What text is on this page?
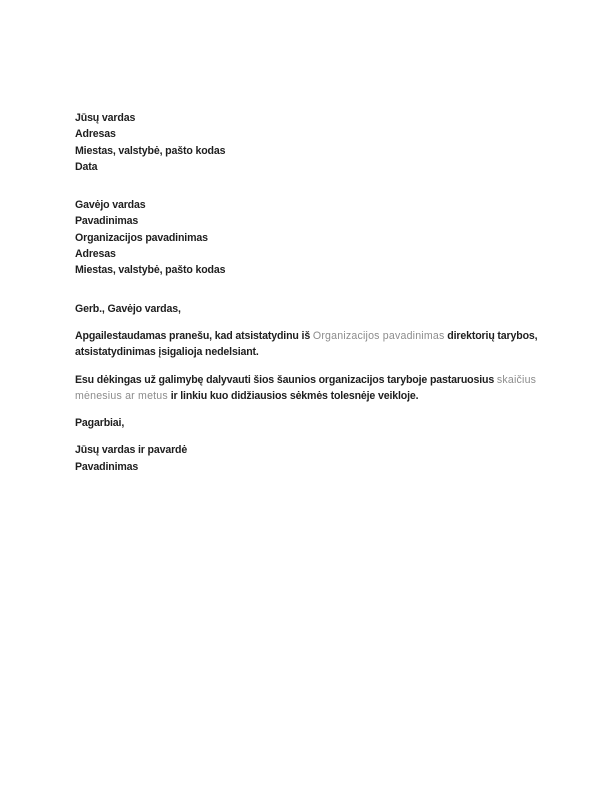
Jūsų vardas
Adresas
Miestas, valstybė, pašto kodas
Data
Gavėjo vardas
Pavadinimas
Organizacijos pavadinimas
Adresas
Miestas, valstybė, pašto kodas
Gerb., Gavėjo vardas,
Apgailestaudamas pranešu, kad atsistatydinu iš Organizacijos pavadinimas direktorių tarybos,
atsistatydinimas įsigalioja nedelsiant.
Esu dėkingas už galimybę dalyvauti šios šaunios organizacijos taryboje pastaruosius skaičius
mėnesius ar metus ir linkiu kuo didžiausios sėkmės tolesnėje veikloje.
Pagarbiai,
Jūsų vardas ir pavardė
Pavadinimas
